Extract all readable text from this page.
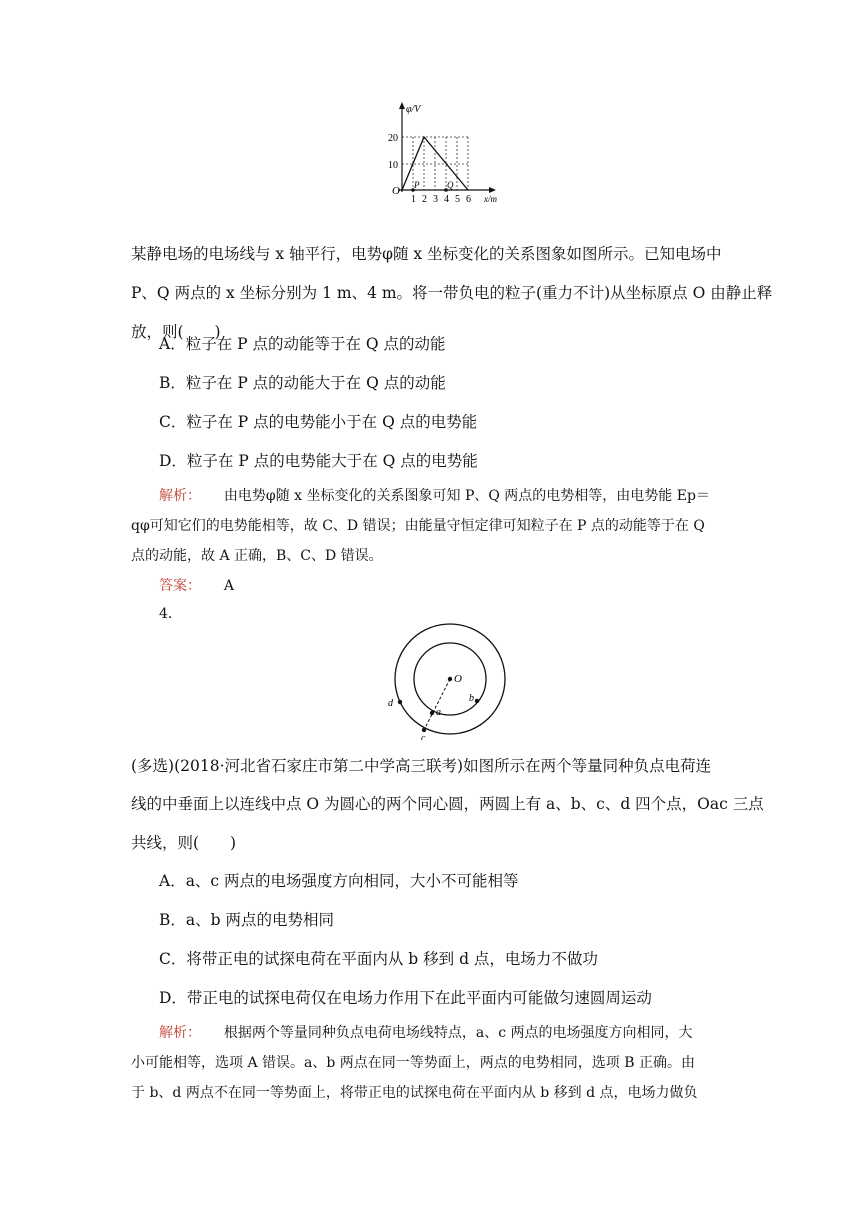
φ/V
20
10
O P	Q
1 2 3 4 5 6 x/m
某静电场的电场线与 x 轴平行，电势φ随 x 坐标变化的关系图象如图所示。已知电场中
P、Q 两点的 x 坐标分别为 1 m、4 m。将一带负电的粒子(重力不计)从坐标原点 O 由静止释
放，则(　　)
A．粒子在 P 点的动能等于在 Q 点的动能
B．粒子在 P 点的动能大于在 Q 点的动能
C．粒子在 P 点的电势能小于在 Q 点的电势能
D．粒子在 P 点的电势能大于在 Q 点的电势能
解析： 由电势φ随 x 坐标变化的关系图象可知 P、Q 两点的电势相等，由电势能 Ep＝
qφ可知它们的电势能相等，故 C、D 错误；由能量守恒定律可知粒子在 P 点的动能等于在 Q
点的动能，故 A 正确，B、C、D 错误。
答案： A
4.
O
a
c
b
d
(多选)(2018·河北省石家庄市第二中学高三联考)如图所示在两个等量同种负点电荷连
线的中垂面上以连线中点 O 为圆心的两个同心圆，两圆上有 a、b、c、d 四个点，Oac 三点
共线，则(　　)
A．a、c 两点的电场强度方向相同，大小不可能相等
B．a、b 两点的电势相同
C．将带正电的试探电荷在平面内从 b 移到 d 点，电场力不做功
D．带正电的试探电荷仅在电场力作用下在此平面内可能做匀速圆周运动
解析： 根据两个等量同种负点电荷电场线特点，a、c 两点的电场强度方向相同，大
小可能相等，选项 A 错误。a、b 两点在同一等势面上，两点的电势相同，选项 B 正确。由
于 b、d 两点不在同一等势面上，将带正电的试探电荷在平面内从 b 移到 d 点，电场力做负
